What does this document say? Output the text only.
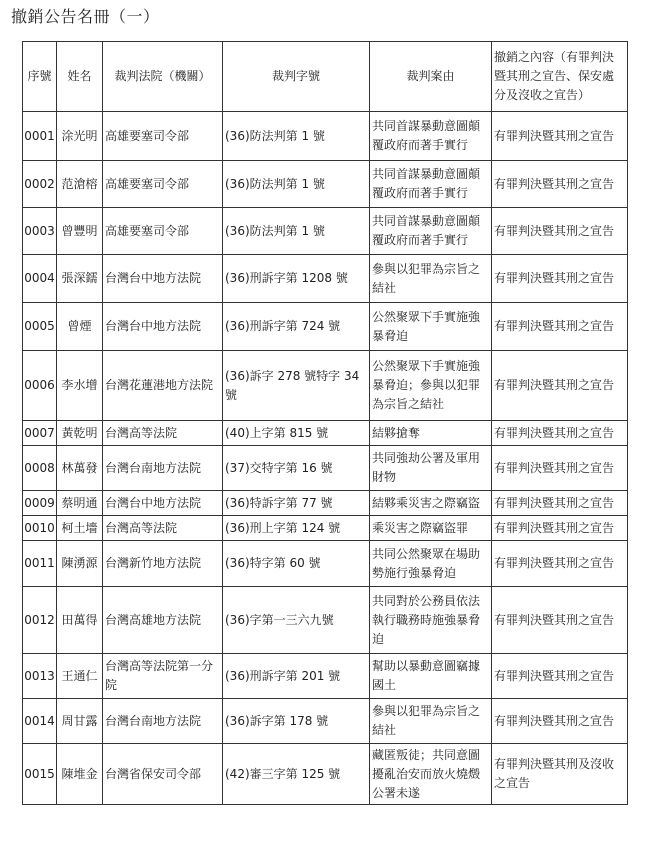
撤銷公告名冊（一）
序號	姓名	裁判法院（機關）	裁判字號	裁判案由	撤銷之內容（有罪判決暨其刑之宣告、保安處分及沒收之宣告）
0001	涂光明	高雄要塞司令部	(36)防法判第 1 號	共同首謀暴動意圖顛覆政府而著手實行	有罪判決暨其刑之宣告
0002	范滄榕	高雄要塞司令部	(36)防法判第 1 號	共同首謀暴動意圖顛覆政府而著手實行	有罪判決暨其刑之宣告
0003	曾豐明	高雄要塞司令部	(36)防法判第 1 號	共同首謀暴動意圖顛覆政府而著手實行	有罪判決暨其刑之宣告
0004	張深鑐	台灣台中地方法院	(36)刑訴字第 1208 號	參與以犯罪為宗旨之結社	有罪判決暨其刑之宣告
0005	曾煙	台灣台中地方法院	(36)刑訴字第 724 號	公然聚眾下手實施強暴脅迫	有罪判決暨其刑之宣告
0006	李水增	台灣花蓮港地方法院	(36)訴字 278 號特字 34 號	公然聚眾下手實施強暴脅迫；參與以犯罪為宗旨之結社	有罪判決暨其刑之宣告
0007	黃乾明	台灣高等法院	(40)上字第 815 號	結夥搶奪	有罪判決暨其刑之宣告
0008	林萬發	台灣台南地方法院	(37)交特字第 16 號	共同強劫公署及軍用財物	有罪判決暨其刑之宣告
0009	蔡明通	台灣台中地方法院	(36)特訴字第 77 號	結夥乘災害之際竊盜	有罪判決暨其刑之宣告
0010	柯土墻	台灣高等法院	(36)刑上字第 124 號	乘災害之際竊盜罪	有罪判決暨其刑之宣告
0011	陳湧源	台灣新竹地方法院	(36)特字第 60 號	共同公然聚眾在場助勢施行強暴脅迫	有罪判決暨其刑之宣告
0012	田萬得	台灣高雄地方法院	(36)字第一三六九號	共同對於公務員依法執行職務時施強暴脅迫	有罪判決暨其刑之宣告
0013	王通仁	台灣高等法院第一分院	(36)刑訴字第 201 號	幫助以暴動意圖竊據國土	有罪判決暨其刑之宣告
0014	周甘露	台灣台南地方法院	(36)訴字第 178 號	參與以犯罪為宗旨之結社	有罪判決暨其刑之宣告
0015	陳堆金	台灣省保安司令部	(42)審三字第 125 號	藏匿叛徒；共同意圖擾亂治安而放火燒燬公署未遂	有罪判決暨其刑及沒收之宣告
